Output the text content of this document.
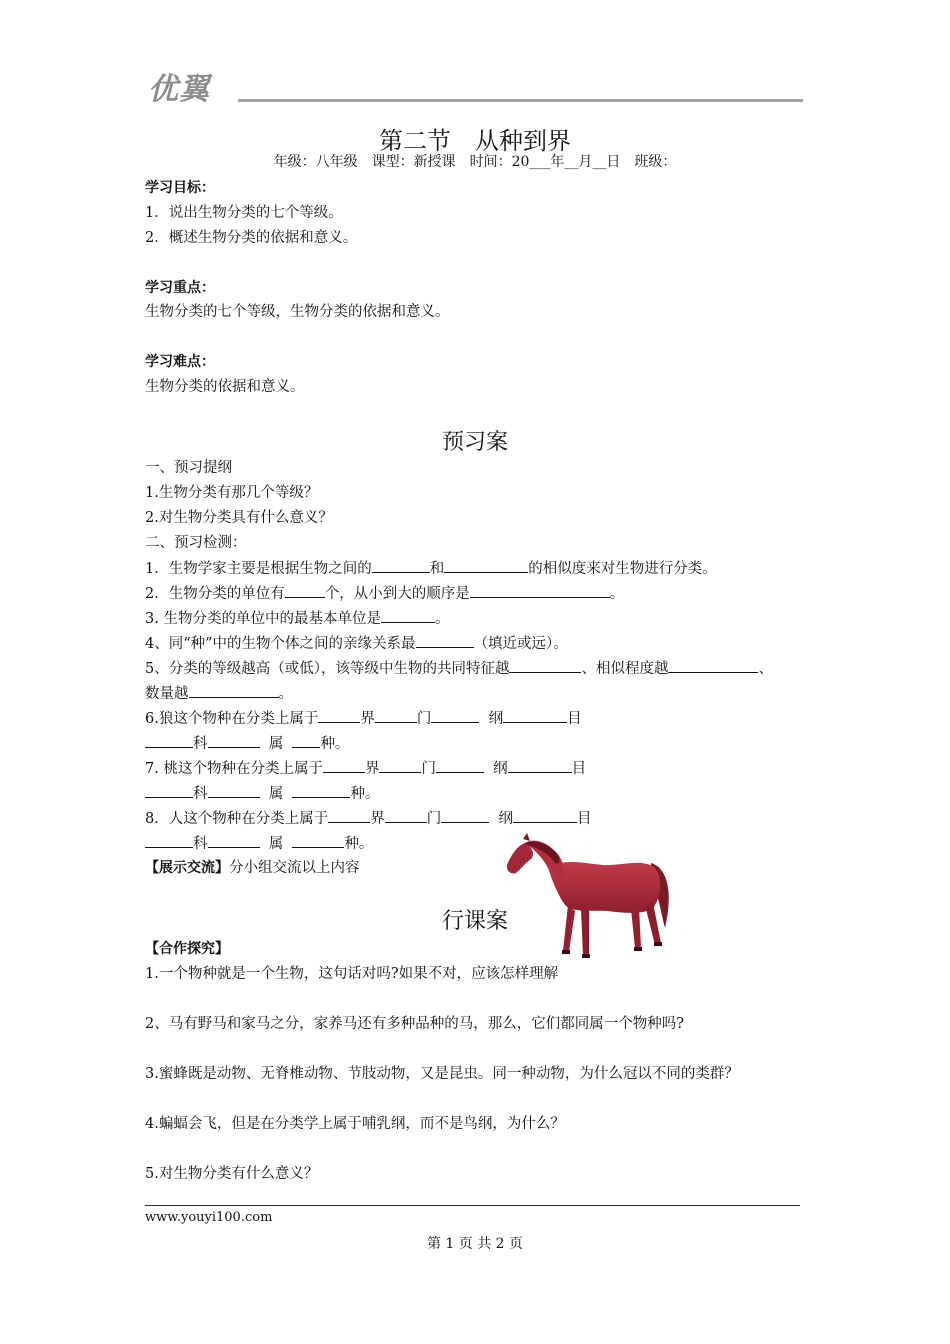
优翼
第二节　从种到界
年级：八年级　课型：新授课　时间：20___年__月__日　班级：
学习目标：
1．说出生物分类的七个等级。
2．概述生物分类的依据和意义。
学习重点：
生物分类的七个等级，生物分类的依据和意义。
学习难点：
生物分类的依据和意义。
预习案
一、预习提纲
1.生物分类有那几个等级？
2.对生物分类具有什么意义？
二、预习检测：
1．生物学家主要是根据生物之间的	和	的相似度来对生物进行分类。
2．生物分类的单位有	个，从小到大的顺序是	。
3. 生物分类的单位中的最基本单位是	。
4、同“种”中的生物个体之间的亲缘关系最	（填近或远）。
5、分类的等级越高（或低），该等级中生物的共同特征越	、相似程度越	、
数量越	。
6.狼这个物种在分类上属于	界	门	纲	目
科	属	种。
7. 桃这个物种在分类上属于	界	门	纲	目
科	属	种。
8．人这个物种在分类上属于	界	门	纲	目
科	属	种。
【展示交流】分小组交流以上内容
行课案
【合作探究】
1.一个物种就是一个生物，这句话对吗?如果不对，应该怎样理解
2、马有野马和家马之分，家养马还有多种品种的马，那么，它们都同属一个物种吗?
3.蜜蜂既是动物、无脊椎动物、节肢动物，又是昆虫。同一种动物，为什么冠以不同的类群？
4.蝙蝠会飞，但是在分类学上属于哺乳纲，而不是鸟纲，为什么？
5.对生物分类有什么意义？
www.youyi100.com
第 1 页 共 2 页
